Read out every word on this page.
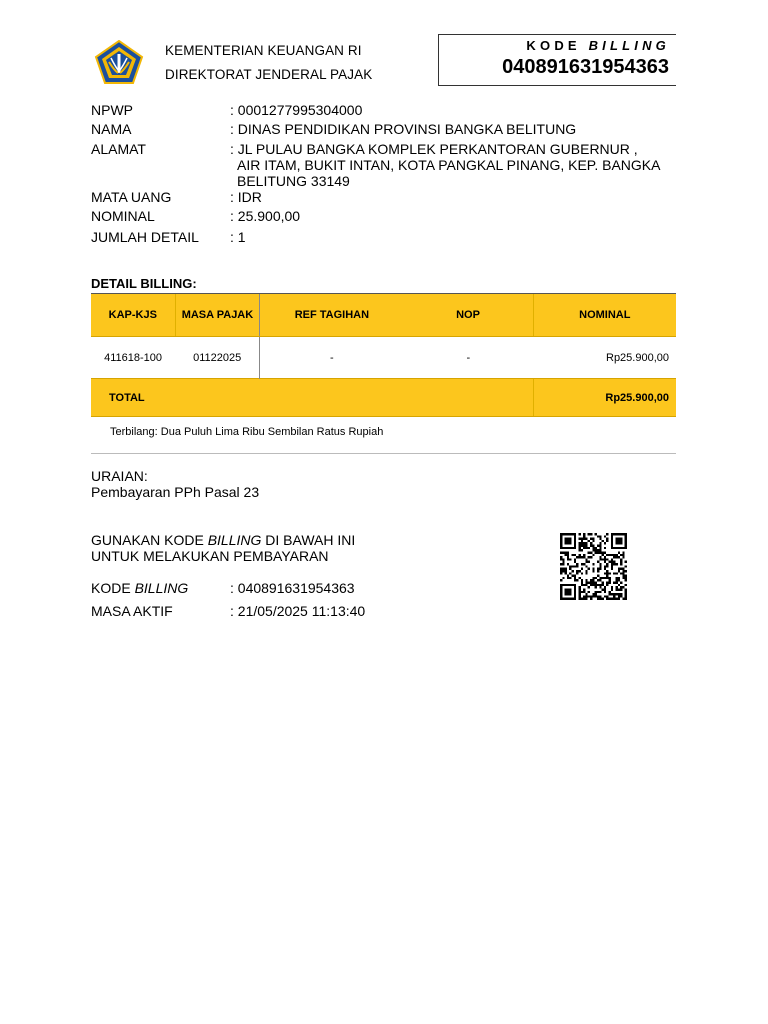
KEMENTERIAN KEUANGAN RI
DIREKTORAT JENDERAL PAJAK
KODE BILLING
040891631954363
NPWP	: 0001277995304000
NAMA	: DINAS PENDIDIKAN PROVINSI BANGKA BELITUNG
ALAMAT	: JL PULAU BANGKA KOMPLEK PERKANTORAN GUBERNUR ,
AIR ITAM, BUKIT INTAN, KOTA PANGKAL PINANG, KEP. BANGKA
BELITUNG 33149
MATA UANG	: IDR
NOMINAL	: 25.900,00
JUMLAH DETAIL : 1
DETAIL BILLING:
KAP-KJS	MASA PAJAK	REF TAGIHAN	NOP	NOMINAL
411618-100	01122025	-	-	Rp25.900,00
TOTAL				Rp25.900,00
Terbilang: Dua Puluh Lima Ribu Sembilan Ratus Rupiah
URAIAN:
Pembayaran PPh Pasal 23
GUNAKAN KODE BILLING DI BAWAH INI
UNTUK MELAKUKAN PEMBAYARAN
KODE BILLING	: 040891631954363
MASA AKTIF	: 21/05/2025 11:13:40
